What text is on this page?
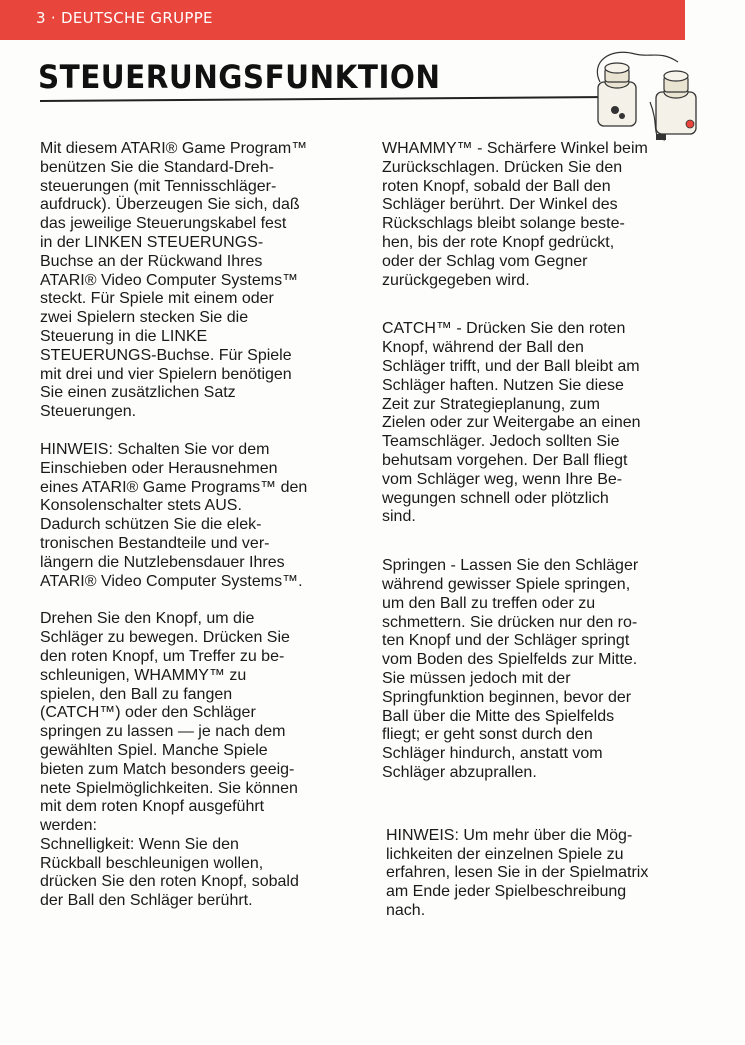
3 · DEUTSCHE GRUPPE
STEUERUNGSFUNKTION

Mit diesem ATARI® Game Program™
benützen Sie die Standard-Dreh-
steuerungen (mit Tennisschläger-
aufdruck). Überzeugen Sie sich, daß
das jeweilige Steuerungskabel fest
in der LINKEN STEUERUNGS-
Buchse an der Rückwand Ihres
ATARI® Video Computer Systems™
steckt. Für Spiele mit einem oder
zwei Spielern stecken Sie die
Steuerung in die LINKE
STEUERUNGS-Buchse. Für Spiele
mit drei und vier Spielern benötigen
Sie einen zusätzlichen Satz
Steuerungen.

HINWEIS: Schalten Sie vor dem
Einschieben oder Herausnehmen
eines ATARI® Game Programs™ den
Konsolenschalter stets AUS.
Dadurch schützen Sie die elek-
tronischen Bestandteile und ver-
längern die Nutzlebensdauer Ihres
ATARI® Video Computer Systems™.

Drehen Sie den Knopf, um die
Schläger zu bewegen. Drücken Sie
den roten Knopf, um Treffer zu be-
schleunigen, WHAMMY™ zu
spielen, den Ball zu fangen
(CATCH™) oder den Schläger
springen zu lassen — je nach dem
gewählten Spiel. Manche Spiele
bieten zum Match besonders geeig-
nete Spielmöglichkeiten. Sie können
mit dem roten Knopf ausgeführt
werden:
Schnelligkeit: Wenn Sie den
Rückball beschleunigen wollen,
drücken Sie den roten Knopf, sobald
der Ball den Schläger berührt.

WHAMMY™ - Schärfere Winkel beim
Zurückschlagen. Drücken Sie den
roten Knopf, sobald der Ball den
Schläger berührt. Der Winkel des
Rückschlags bleibt solange beste-
hen, bis der rote Knopf gedrückt,
oder der Schlag vom Gegner
zurückgegeben wird.

CATCH™ - Drücken Sie den roten
Knopf, während der Ball den
Schläger trifft, und der Ball bleibt am
Schläger haften. Nutzen Sie diese
Zeit zur Strategieplanung, zum
Zielen oder zur Weitergabe an einen
Teamschläger. Jedoch sollten Sie
behutsam vorgehen. Der Ball fliegt
vom Schläger weg, wenn Ihre Be-
wegungen schnell oder plötzlich
sind.

Springen - Lassen Sie den Schläger
während gewisser Spiele springen,
um den Ball zu treffen oder zu
schmettern. Sie drücken nur den ro-
ten Knopf und der Schläger springt
vom Boden des Spielfelds zur Mitte.
Sie müssen jedoch mit der
Springfunktion beginnen, bevor der
Ball über die Mitte des Spielfelds
fliegt; er geht sonst durch den
Schläger hindurch, anstatt vom
Schläger abzuprallen.

HINWEIS: Um mehr über die Mög-
lichkeiten der einzelnen Spiele zu
erfahren, lesen Sie in der Spielmatrix
am Ende jeder Spielbeschreibung
nach.
